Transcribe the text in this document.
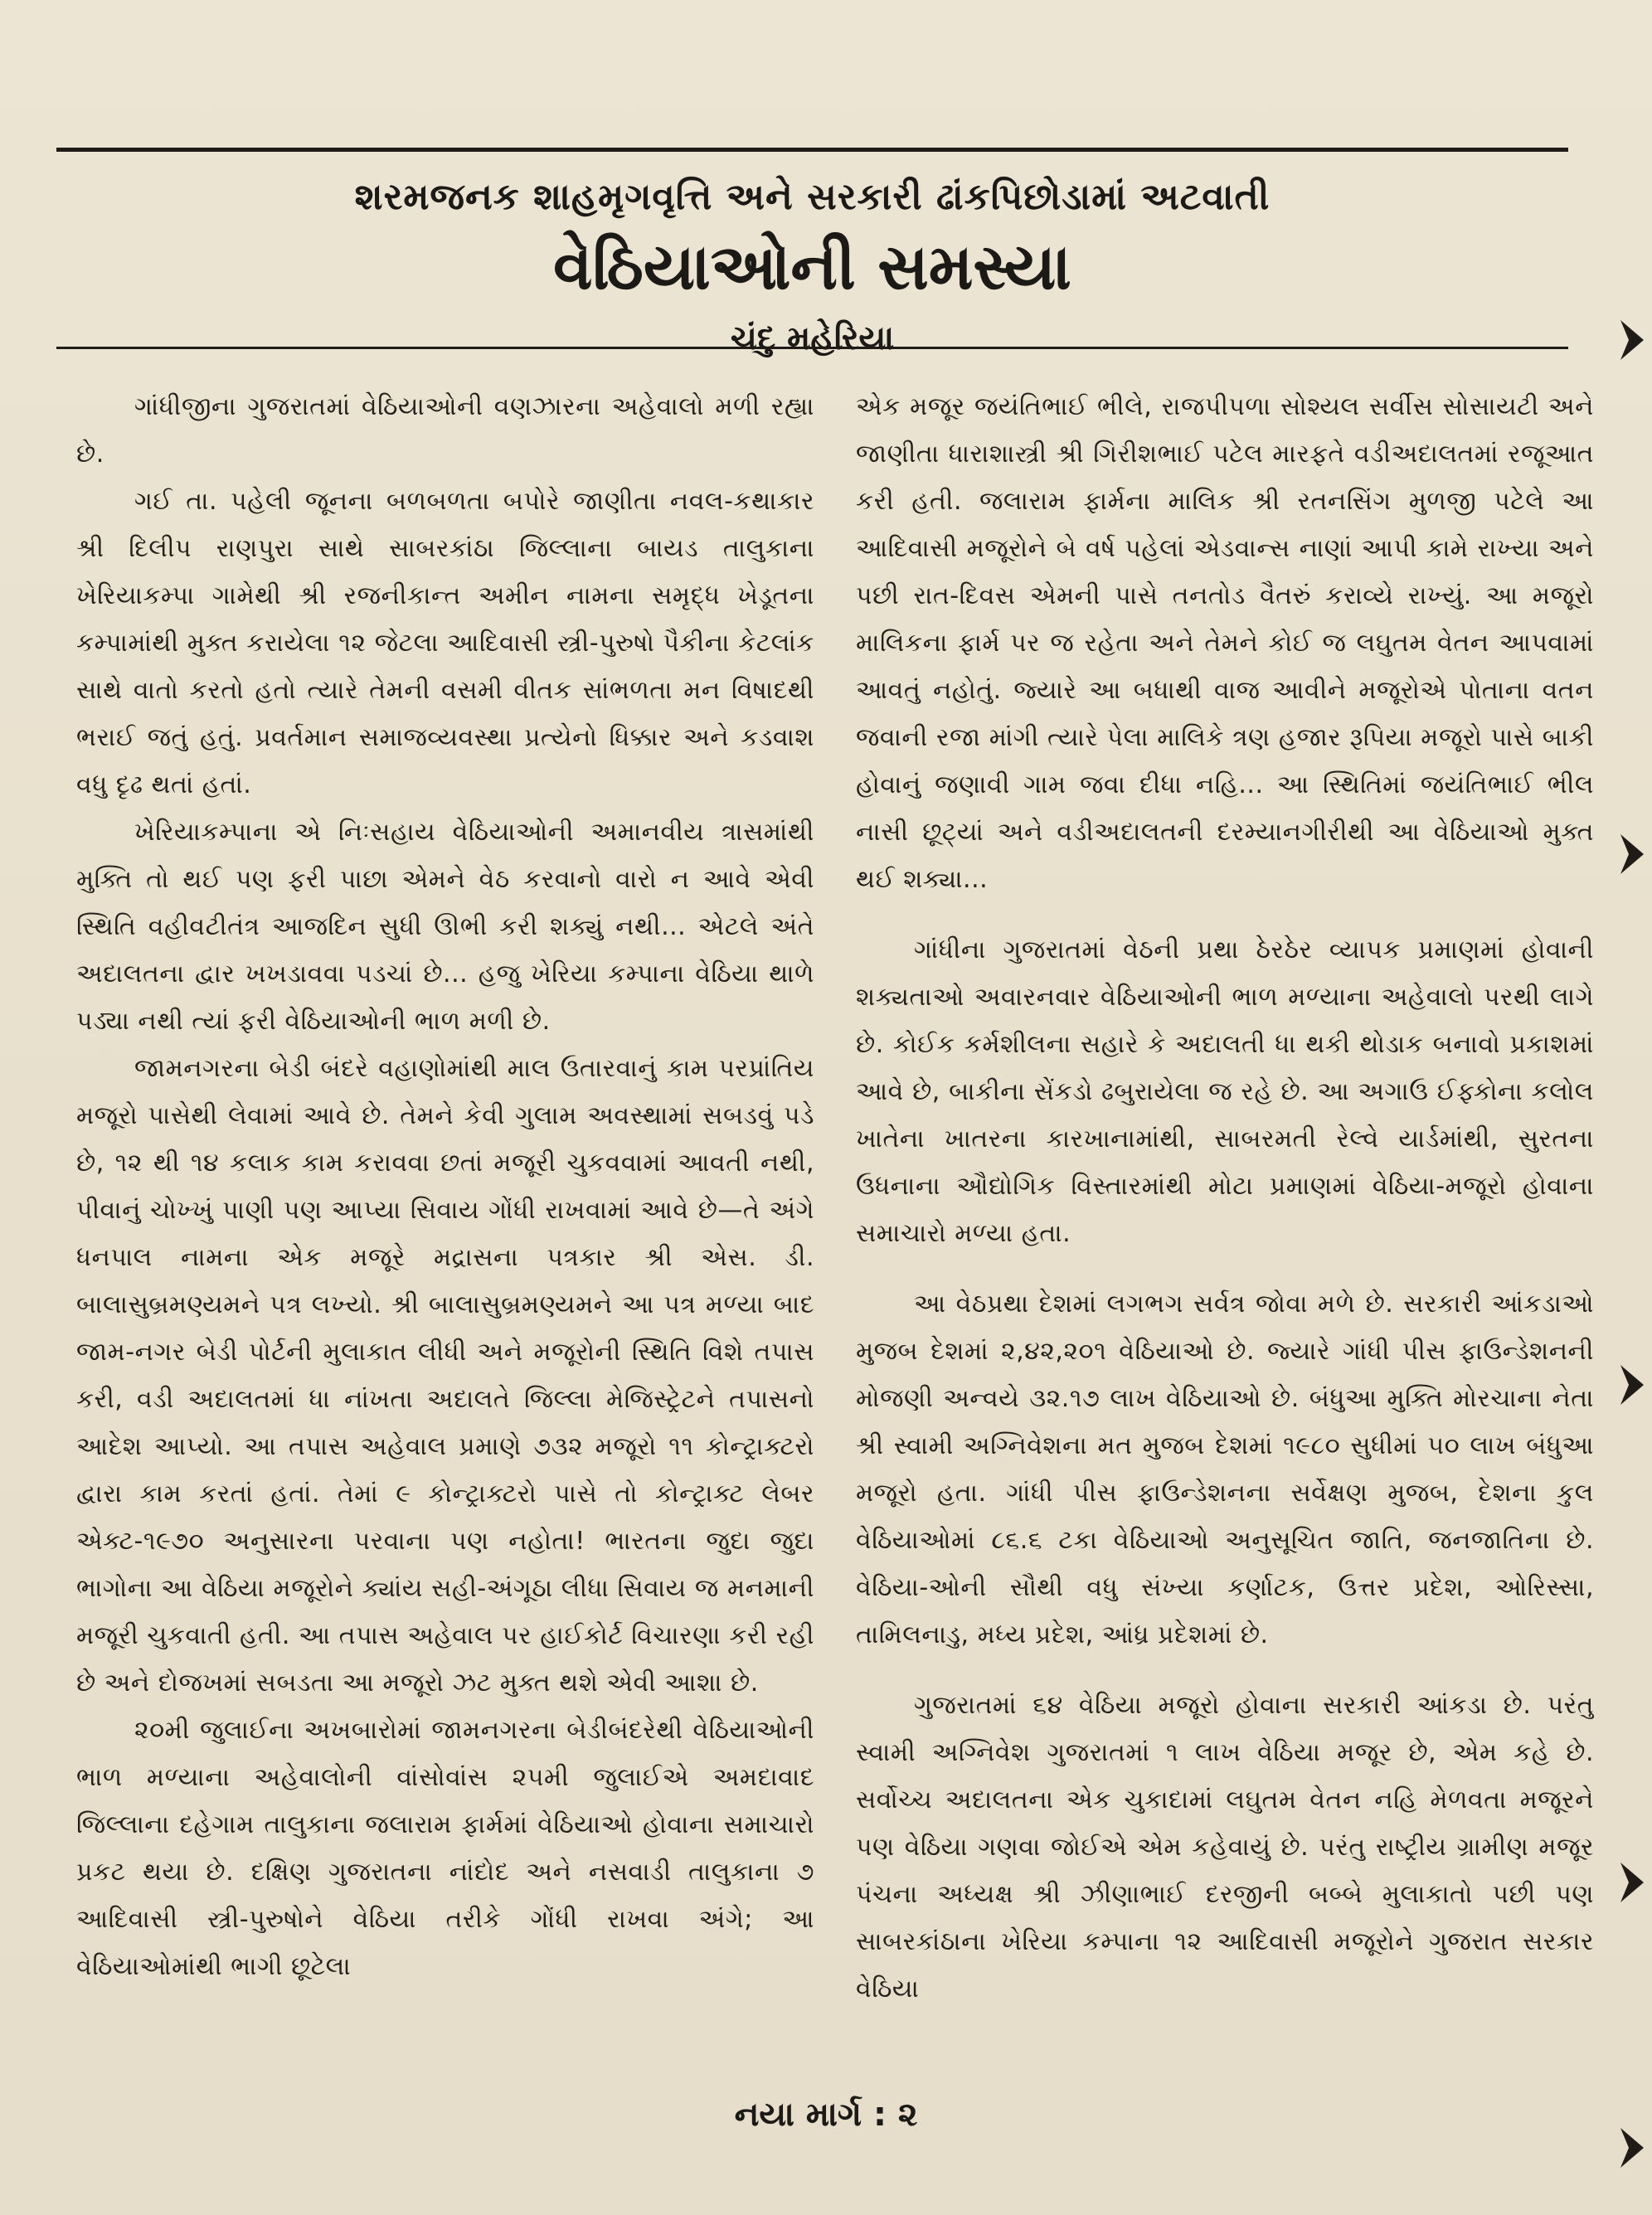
શરમજનક શાહમૃગવૃત્તિ અને સરકારી ઢાંકપિછોડામાં અટવાતી
વેઠિયાઓની સમસ્યા
ચંદુ મહેરિયા

ગાંધીજીના ગુજરાતમાં વેઠિયાઓની વણઝારના અહેવાલો મળી રહ્યા છે.

ગઈ તા. પહેલી જૂનના બળબળતા બપોરે જાણીતા નવલ-કથાકાર શ્રી દિલીપ રાણપુરા સાથે સાબરકાંઠા જિલ્લાના બાયડ તાલુકાના ખેરિયાકમ્પા ગામેથી શ્રી રજનીકાન્ત અમીન નામના સમૃદ્ધ ખેડૂતના કમ્પામાંથી મુક્ત કરાયેલા ૧૨ જેટલા આદિવાસી સ્ત્રી-પુરુષો પૈકીના કેટલાંક સાથે વાતો કરતો હતો ત્યારે તેમની વસમી વીતક સાંભળતા મન વિષાદથી ભરાઈ જતું હતું. પ્રવર્તમાન સમાજવ્યવસ્થા પ્રત્યેનો ધિક્કાર અને કડવાશ વધુ દૃઢ થતાં હતાં.

ખેરિયાકમ્પાના એ નિઃસહાય વેઠિયાઓની અમાનવીય ત્રાસમાંથી મુક્તિ તો થઈ પણ ફરી પાછા એમને વેઠ કરવાનો વારો ન આવે એવી સ્થિતિ વહીવટીતંત્ર આજદિન સુધી ઊભી કરી શક્યું નથી... એટલે અંતે અદાલતના દ્વાર ખખડાવવા પડચાં છે... હજુ ખેરિયા કમ્પાના વેઠિયા થાળે પડ્યા નથી ત્યાં ફરી વેઠિયાઓની ભાળ મળી છે.

જામનગરના બેડી બંદરે વહાણોમાંથી માલ ઉતારવાનું કામ પરપ્રાંતિય મજૂરો પાસેથી લેવામાં આવે છે. તેમને કેવી ગુલામ અવસ્થામાં સબડવું પડે છે, ૧૨ થી ૧૪ કલાક કામ કરાવવા છતાં મજૂરી ચુકવવામાં આવતી નથી, પીવાનું ચોખ્ખું પાણી પણ આપ્યા સિવાય ગોંધી રાખવામાં આવે છે—તે અંગે ધનપાલ નામના એક મજૂરે મદ્રાસના પત્રકાર શ્રી એસ. ડી. બાલાસુબ્રમણ્યમને પત્ર લખ્યો. શ્રી બાલાસુબ્રમણ્યમને આ પત્ર મળ્યા બાદ જામ-નગર બેડી પોર્ટની મુલાકાત લીધી અને મજૂરોની સ્થિતિ વિશે તપાસ કરી, વડી અદાલતમાં ધા નાંખતા અદાલતે જિલ્લા મેજિસ્ટ્રેટને તપાસનો આદેશ આપ્યો. આ તપાસ અહેવાલ પ્રમાણે ૭૩૨ મજૂરો ૧૧ કોન્ટ્રાક્ટરો દ્વારા કામ કરતાં હતાં. તેમાં ૯ કોન્ટ્રાક્ટરો પાસે તો કોન્ટ્રાક્ટ લેબર એક્ટ-૧૯૭૦ અનુસારના પરવાના પણ નહોતા! ભારતના જુદા જુદા ભાગોના આ વેઠિયા મજૂરોને ક્યાંય સહી-અંગૂઠા લીધા સિવાય જ મનમાની મજૂરી ચુકવાતી હતી. આ તપાસ અહેવાલ પર હાઈકોર્ટ વિચારણા કરી રહી છે અને દોજખમાં સબડતા આ મજૂરો ઝટ મુક્ત થશે એવી આશા છે.

૨૦મી જુલાઈના અખબારોમાં જામનગરના બેડીબંદરેથી વેઠિયાઓની ભાળ મળ્યાના અહેવાલોની વાંસોવાંસ ૨૫મી જુલાઈએ અમદાવાદ જિલ્લાના દહેગામ તાલુકાના જલારામ ફાર્મમાં વેઠિયાઓ હોવાના સમાચારો પ્રકટ થયા છે. દક્ષિણ ગુજરાતના નાંદોદ અને નસવાડી તાલુકાના ૭ આદિવાસી સ્ત્રી-પુરુષોને વેઠિયા તરીકે ગોંધી રાખવા અંગે; આ વેઠિયાઓમાંથી ભાગી છૂટેલા

એક મજૂર જયંતિભાઈ ભીલે, રાજપીપળા સોશ્યલ સર્વીસ સોસાયટી અને જાણીતા ધારાશાસ્ત્રી શ્રી ગિરીશભાઈ પટેલ મારફતે વડીઅદાલતમાં રજૂઆત કરી હતી. જલારામ ફાર્મના માલિક શ્રી રતનસિંગ મુળજી પટેલે આ આદિવાસી મજૂરોને બે વર્ષ પહેલાં એડવાન્સ નાણાં આપી કામે રાખ્યા અને પછી રાત-દિવસ એમની પાસે તનતોડ વૈતરું કરાવ્યે રાખ્યું. આ મજૂરો માલિકના ફાર્મ પર જ રહેતા અને તેમને કોઈ જ લઘુતમ વેતન આપવામાં આવતું નહોતું. જ્યારે આ બધાથી વાજ આવીને મજૂરોએ પોતાના વતન જવાની રજા માંગી ત્યારે પેલા માલિકે ત્રણ હજાર રૂપિયા મજૂરો પાસે બાકી હોવાનું જણાવી ગામ જવા દીધા નહિ... આ સ્થિતિમાં જયંતિભાઈ ભીલ નાસી છૂટ્યાં અને વડીઅદાલતની દરમ્યાનગીરીથી આ વેઠિયાઓ મુક્ત થઈ શક્યા...

ગાંધીના ગુજરાતમાં વેઠની પ્રથા ઠેરઠેર વ્યાપક પ્રમાણમાં હોવાની શક્યતાઓ અવારનવાર વેઠિયાઓની ભાળ મળ્યાના અહેવાલો પરથી લાગે છે. કોઈક કર્મશીલના સહારે કે અદાલતી ધા થકી થોડાક બનાવો પ્રકાશમાં આવે છે, બાકીના સેંકડો ઢબુરાયેલા જ રહે છે. આ અગાઉ ઈફ્કોના કલોલ ખાતેના ખાતરના કારખાનામાંથી, સાબરમતી રેલ્વે યાર્ડમાંથી, સુરતના ઉધનાના ઔદ્યોગિક વિસ્તારમાંથી મોટા પ્રમાણમાં વેઠિયા-મજૂરો હોવાના સમાચારો મળ્યા હતા.

આ વેઠપ્રથા દેશમાં લગભગ સર્વત્ર જોવા મળે છે. સરકારી આંકડાઓ મુજબ દેશમાં ૨,૪૨,૨૦૧ વેઠિયાઓ છે. જ્યારે ગાંધી પીસ ફાઉન્ડેશનની મોજણી અન્વયે ૩૨.૧૭ લાખ વેઠિયાઓ છે. બંધુઆ મુક્તિ મોરચાના નેતા શ્રી સ્વામી અગ્નિવેશના મત મુજબ દેશમાં ૧૯૮૦ સુધીમાં ૫૦ લાખ બંધુઆ મજૂરો હતા. ગાંધી પીસ ફાઉન્ડેશનના સર્વેક્ષણ મુજબ, દેશના કુલ વેઠિયાઓમાં ૮૬.૬ ટકા વેઠિયાઓ અનુસૂચિત જાતિ, જનજાતિના છે. વેઠિયા-ઓની સૌથી વધુ સંખ્યા કર્ણાટક, ઉત્તર પ્રદેશ, ઓરિસ્સા, તામિલનાડુ, મધ્ય પ્રદેશ, આંધ્ર પ્રદેશમાં છે.

ગુજરાતમાં ૬૪ વેઠિયા મજૂરો હોવાના સરકારી આંકડા છે. પરંતુ સ્વામી અગ્નિવેશ ગુજરાતમાં ૧ લાખ વેઠિયા મજૂર છે, એમ કહે છે. સર્વોચ્ચ અદાલતના એક ચુકાદામાં લઘુતમ વેતન નહિ મેળવતા મજૂરને પણ વેઠિયા ગણવા જોઈએ એમ કહેવાયું છે. પરંતુ રાષ્ટ્રીય ગ્રામીણ મજૂર પંચના અધ્યક્ષ શ્રી ઝીણાભાઈ દરજીની બબ્બે મુલાકાતો પછી પણ સાબરકાંઠાના ખેરિયા કમ્પાના ૧૨ આદિવાસી મજૂરોને ગુજરાત સરકાર વેઠિયા

નયા માર્ગ : ૨
